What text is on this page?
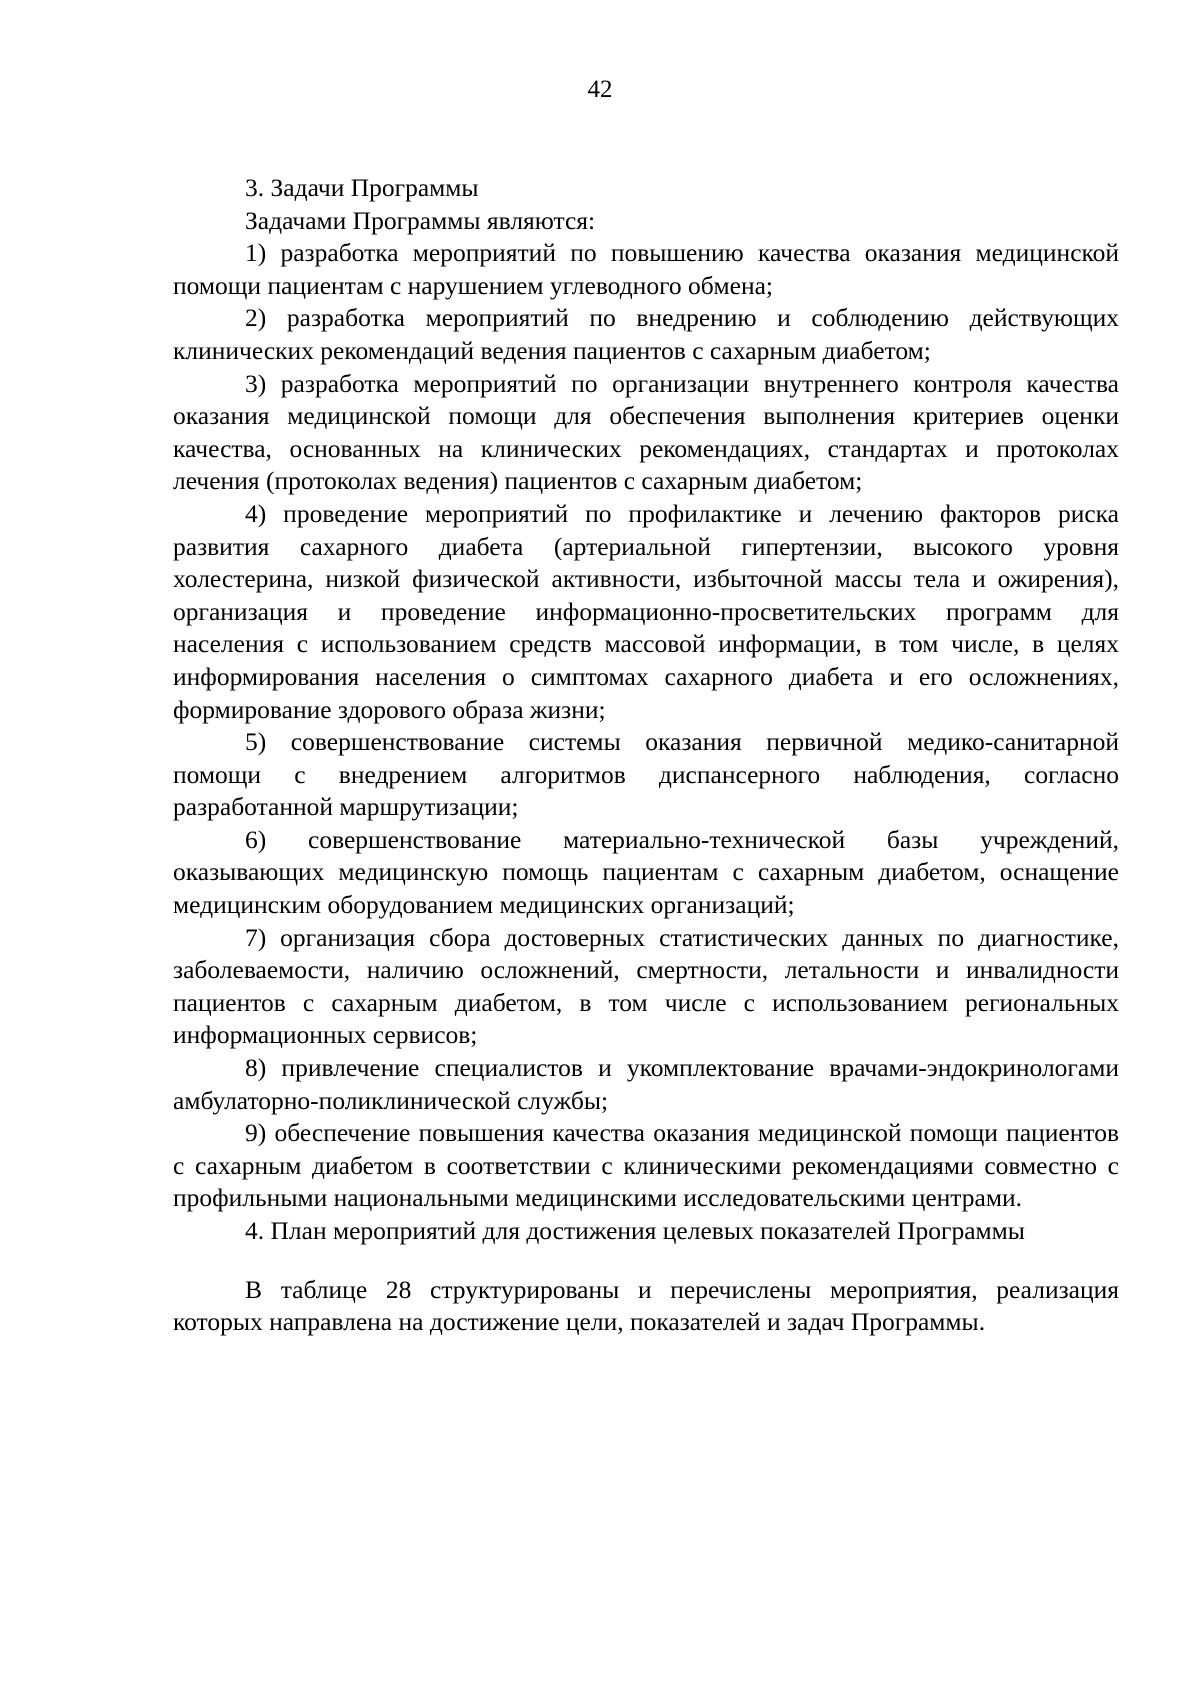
42

3. Задачи Программы

Задачами Программы являются:

1) разработка мероприятий по повышению качества оказания медицинской помощи пациентам с нарушением углеводного обмена;

2) разработка мероприятий по внедрению и соблюдению действующих клинических рекомендаций ведения пациентов с сахарным диабетом;

3) разработка мероприятий по организации внутреннего контроля качества оказания медицинской помощи для обеспечения выполнения критериев оценки качества, основанных на клинических рекомендациях, стандартах и протоколах лечения (протоколах ведения) пациентов с сахарным диабетом;

4) проведение мероприятий по профилактике и лечению факторов риска развития сахарного диабета (артериальной гипертензии, высокого уровня холестерина, низкой физической активности, избыточной массы тела и ожирения), организация и проведение информационно-просветительских программ для населения с использованием средств массовой информации, в том числе, в целях информирования населения о симптомах сахарного диабета и его осложнениях, формирование здорового образа жизни;

5) совершенствование системы оказания первичной медико-санитарной помощи с внедрением алгоритмов диспансерного наблюдения, согласно разработанной маршрутизации;

6) совершенствование материально-технической базы учреждений, оказывающих медицинскую помощь пациентам с сахарным диабетом, оснащение медицинским оборудованием медицинских организаций;

7) организация сбора достоверных статистических данных по диагностике, заболеваемости, наличию осложнений, смертности, летальности и инвалидности пациентов с сахарным диабетом, в том числе с использованием региональных информационных сервисов;

8) привлечение специалистов и укомплектование врачами-эндокринологами амбулаторно-поликлинической службы;

9) обеспечение повышения качества оказания медицинской помощи пациентов с сахарным диабетом в соответствии с клиническими рекомендациями совместно с профильными национальными медицинскими исследовательскими центрами.

4. План мероприятий для достижения целевых показателей Программы

В таблице 28 структурированы и перечислены мероприятия, реализация которых направлена на достижение цели, показателей и задач Программы.
